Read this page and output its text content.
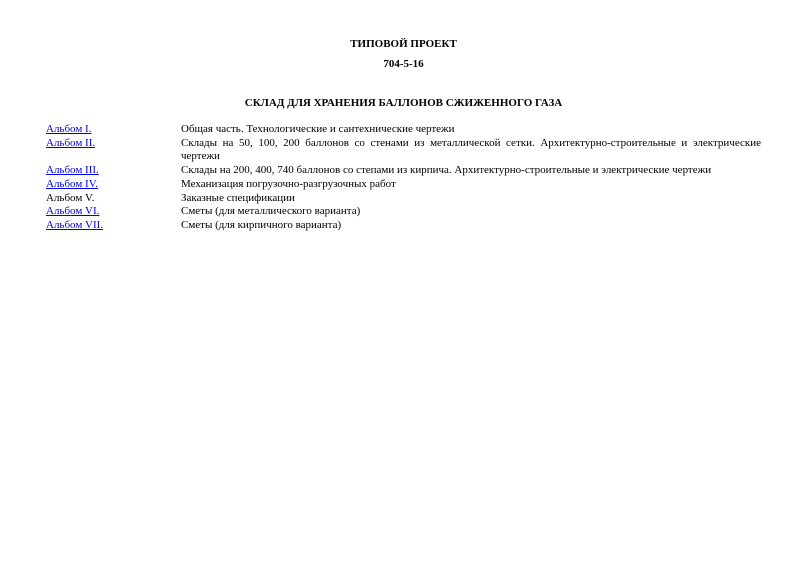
ТИПОВОЙ ПРОЕКТ
704-5-16
СКЛАД ДЛЯ ХРАНЕНИЯ БАЛЛОНОВ СЖИЖЕННОГО ГАЗА
Альбом I.	Общая часть. Технологические и сантехнические чертежи
Альбом II.	Склады на 50, 100, 200 баллонов со стенами из металлической сетки. Архитектурно-строительные и электрические чертежи
Альбом III.	Склады на 200, 400, 740 баллонов со степами из кирпича. Архитектурно-строительные и электрические чертежи
Альбом IV.	Механизация погрузочно-разгрузочных работ
Альбом V.	Заказные спецификации
Альбом VI.	Сметы (для металлического варианта)
Альбом VII.	Сметы (для кирпичного варианта)
